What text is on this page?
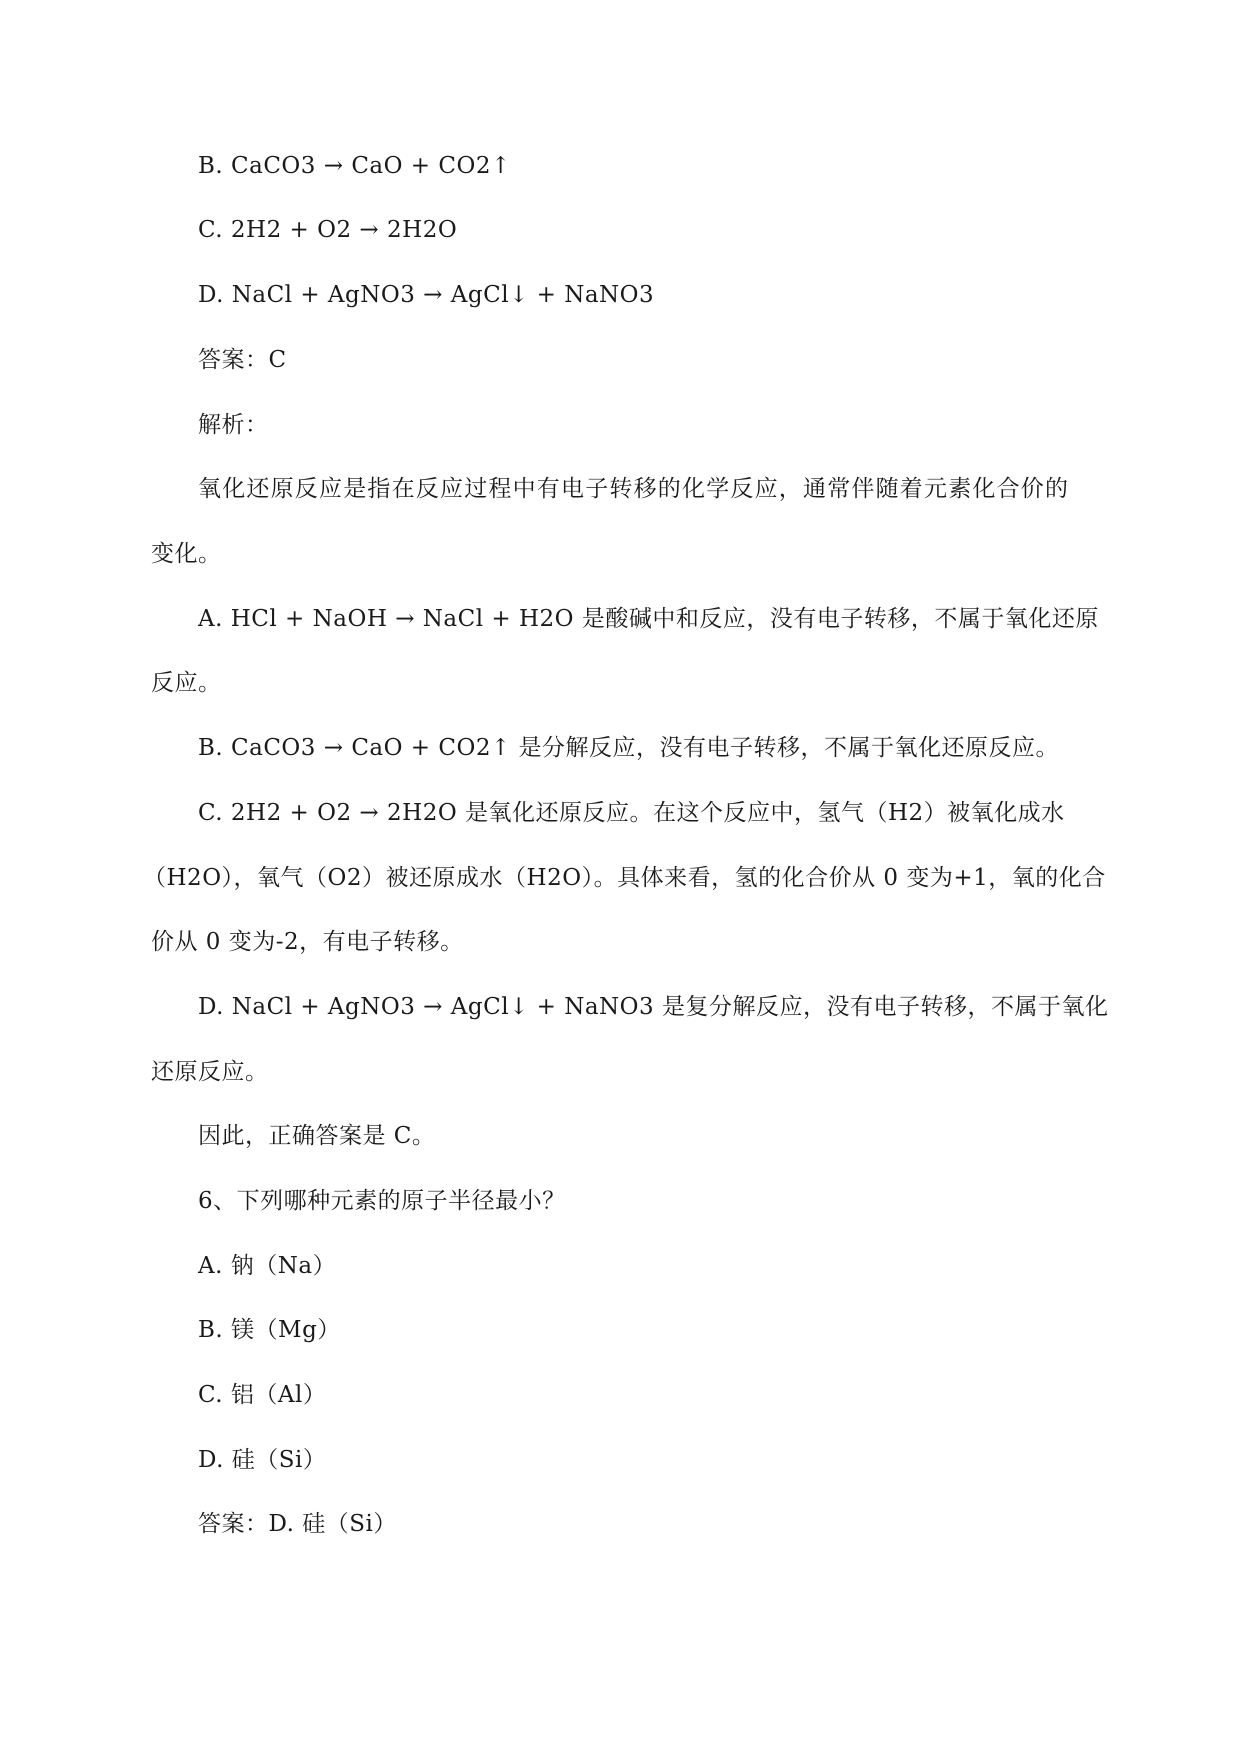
B. CaCO3 → CaO + CO2↑
C. 2H2 + O2 → 2H2O
D. NaCl + AgNO3 → AgCl↓ + NaNO3
答案：C
解析：
氧化还原反应是指在反应过程中有电子转移的化学反应，通常伴随着元素化合价的
变化。
A. HCl + NaOH → NaCl + H2O 是酸碱中和反应，没有电子转移，不属于氧化还原
反应。
B. CaCO3 → CaO + CO2↑ 是分解反应，没有电子转移，不属于氧化还原反应。
C. 2H2 + O2 → 2H2O 是氧化还原反应。在这个反应中，氢气（H2）被氧化成水
（H2O），氧气（O2）被还原成水（H2O）。具体来看，氢的化合价从 0 变为+1，氧的化合
价从 0 变为-2，有电子转移。
D. NaCl + AgNO3 → AgCl↓ + NaNO3 是复分解反应，没有电子转移，不属于氧化
还原反应。
因此，正确答案是 C。
6、下列哪种元素的原子半径最小？
A. 钠（Na）
B. 镁（Mg）
C. 铝（Al）
D. 硅（Si）
答案：D. 硅（Si）
